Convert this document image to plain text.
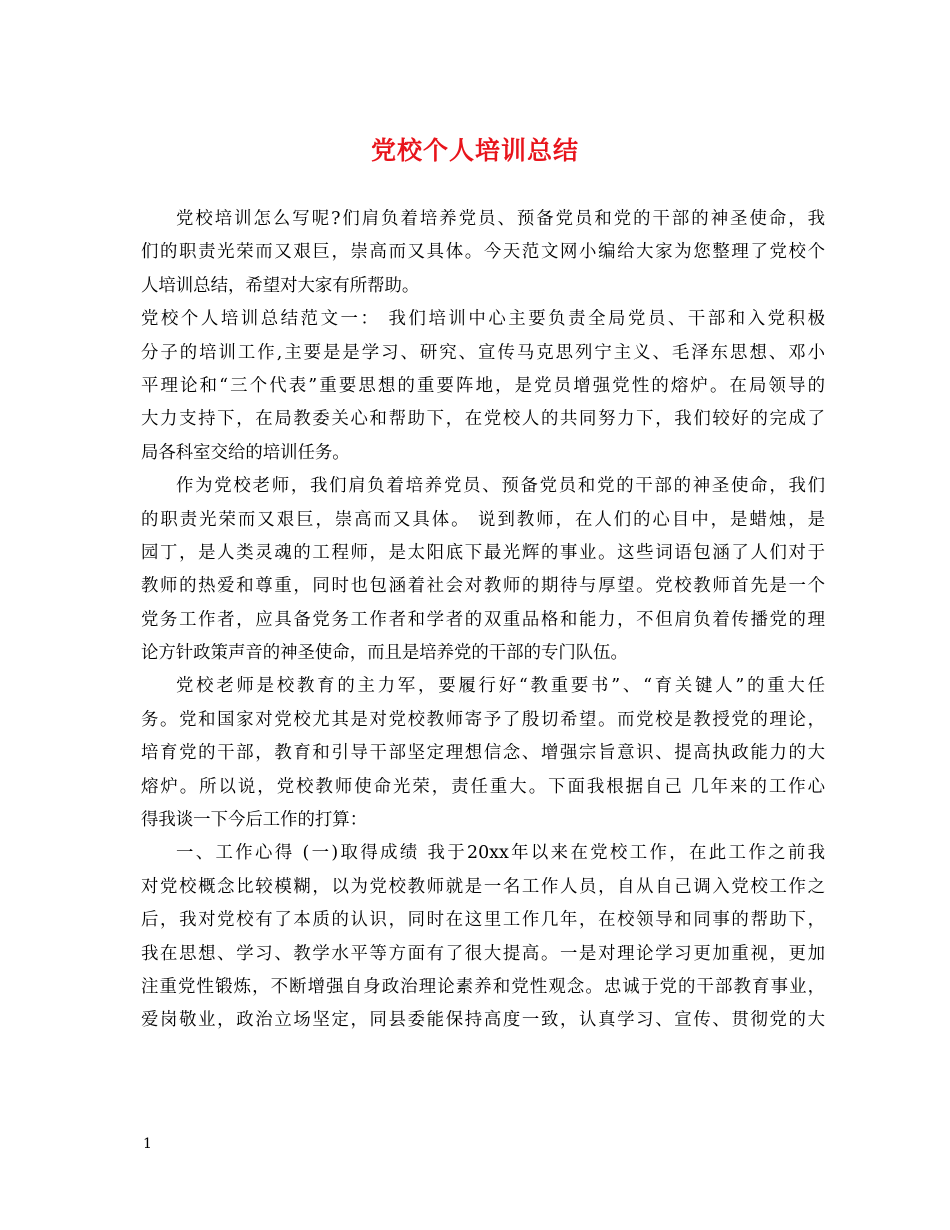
党校个人培训总结
党校培训怎么写呢?们肩负着培养党员、预备党员和党的干部的神圣使命，我
们的职责光荣而又艰巨，崇高而又具体。今天范文网小编给大家为您整理了党校个
人培训总结，希望对大家有所帮助。
党校个人培训总结范文一： 我们培训中心主要负责全局党员、干部和入党积极
分子的培训工作,主要是是学习、研究、宣传马克思列宁主义、毛泽东思想、邓小
平理论和“三个代表”重要思想的重要阵地，是党员增强党性的熔炉。在局领导的
大力支持下，在局教委关心和帮助下，在党校人的共同努力下，我们较好的完成了
局各科室交给的培训任务。
作为党校老师，我们肩负着培养党员、预备党员和党的干部的神圣使命，我们
的职责光荣而又艰巨，崇高而又具体。 说到教师，在人们的心目中，是蜡烛，是
园丁，是人类灵魂的工程师，是太阳底下最光辉的事业。这些词语包涵了人们对于
教师的热爱和尊重，同时也包涵着社会对教师的期待与厚望。党校教师首先是一个
党务工作者，应具备党务工作者和学者的双重品格和能力，不但肩负着传播党的理
论方针政策声音的神圣使命，而且是培养党的干部的专门队伍。
党校老师是校教育的主力军，要履行好“教重要书”、“育关键人”的重大任
务。党和国家对党校尤其是对党校教师寄予了殷切希望。而党校是教授党的理论，
培育党的干部，教育和引导干部坚定理想信念、增强宗旨意识、提高执政能力的大
熔炉。所以说，党校教师使命光荣，责任重大。下面我根据自己 几年来的工作心
得我谈一下今后工作的打算：
一、工作心得 (一)取得成绩 我于20xx年以来在党校工作，在此工作之前我
对党校概念比较模糊，以为党校教师就是一名工作人员，自从自己调入党校工作之
后，我对党校有了本质的认识，同时在这里工作几年，在校领导和同事的帮助下，
我在思想、学习、教学水平等方面有了很大提高。一是对理论学习更加重视，更加
注重党性锻炼，不断增强自身政治理论素养和党性观念。忠诚于党的干部教育事业，
爱岗敬业，政治立场坚定，同县委能保持高度一致，认真学习、宣传、贯彻党的大
1
